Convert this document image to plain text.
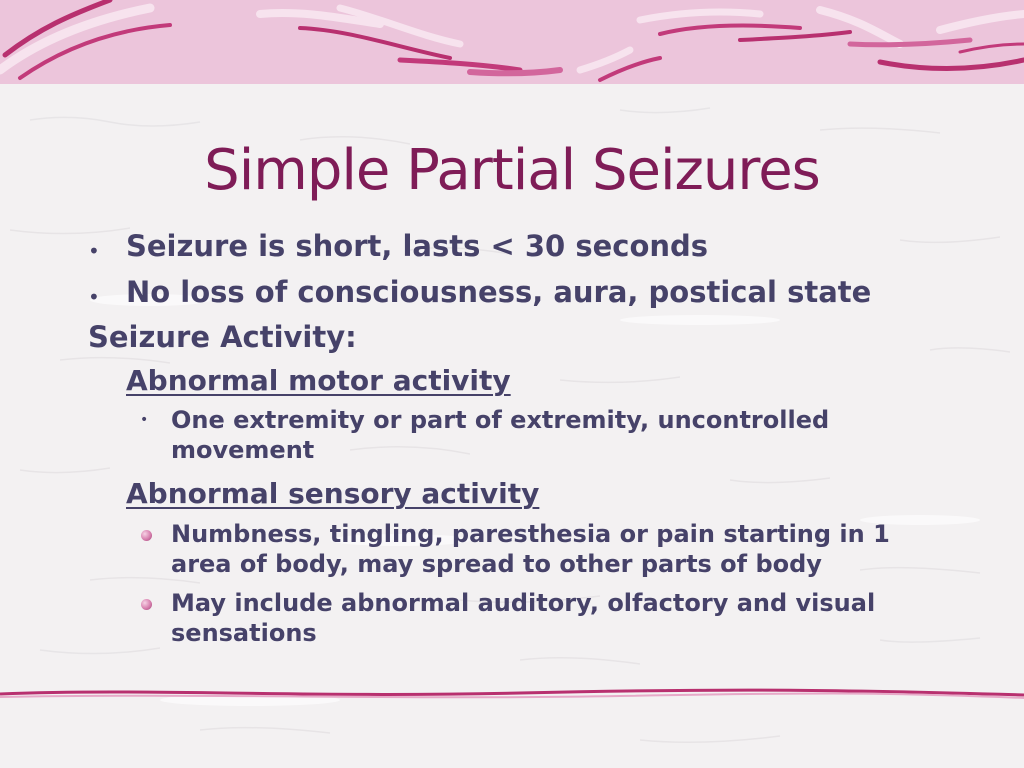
Simple Partial Seizures
• Seizure is short, lasts < 30 seconds
• No loss of consciousness, aura, postical state
Seizure Activity:
Abnormal motor activity
• One extremity or part of extremity, uncontrolled
movement
Abnormal sensory activity
Numbness, tingling, paresthesia or pain starting in 1
area of body, may spread to other parts of body
May include abnormal auditory, olfactory and visual
sensations
